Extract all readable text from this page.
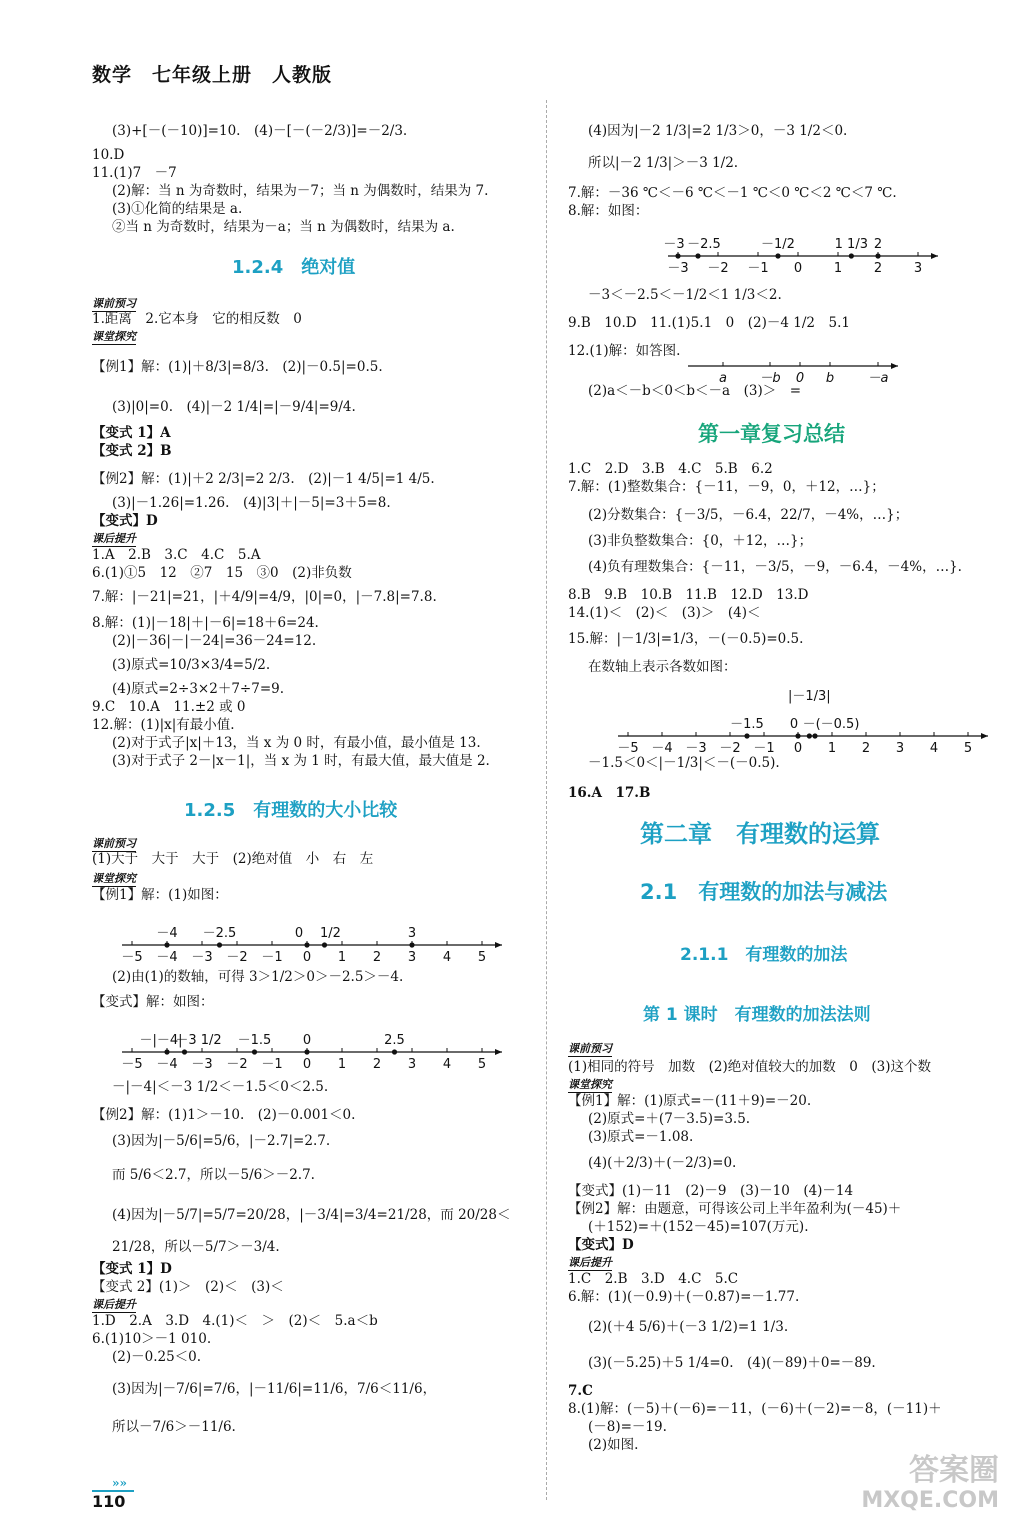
数学　七年级上册　人教版
(3)+[－(－10)]=10.　(4)－[－(－2/3)]=－2/3.
10.D
11.(1)7　－7
(2)解：当 n 为奇数时，结果为－7；当 n 为偶数时，结果为 7.
(3)①化简的结果是 a.
②当 n 为奇数时，结果为－a；当 n 为偶数时，结果为 a.
1.2.4　绝对值
课前预习
1.距离　2.它本身　它的相反数　0
课堂探究
【例1】解：(1)|＋8/3|=8/3.　(2)|－0.5|=0.5.
(3)|0|=0.　(4)|－2 1/4|=|－9/4|=9/4.
【变式 1】A
【变式 2】B
【例2】解：(1)|＋2 2/3|=2 2/3.　(2)|－1 4/5|=1 4/5.
(3)|－1.26|=1.26.　(4)|3|＋|－5|=3＋5=8.
【变式】D
课后提升
1.A　2.B　3.C　4.C　5.A
6.(1)①5　12　②7　15　③0　(2)非负数
7.解：|－21|=21，|＋4/9|=4/9，|0|=0，|－7.8|=7.8.
8.解：(1)|－18|＋|－6|=18＋6=24.
(2)|－36|－|－24|=36－24=12.
(3)原式=10/3×3/4=5/2.
(4)原式=2÷3×2＋7÷7=9.
9.C　10.A　11.±2 或 0
12.解：(1)|x|有最小值.
(2)对于式子|x|＋13，当 x 为 0 时，有最小值，最小值是 13.
(3)对于式子 2－|x－1|，当 x 为 1 时，有最大值，最大值是 2.
1.2.5　有理数的大小比较
课前预习
(1)大于　大于　大于　(2)绝对值　小　右　左
课堂探究
【例1】解：(1)如图：
－5 －4 －3 －2 －1 0 1 2 3 4 5
－4 －2.5	0 1/2	3
(2)由(1)的数轴，可得 3＞1/2＞0＞－2.5＞－4.
【变式】解：如图：
－5 －4 －3 －2 －1 0 1 2 3 4 5
－|－4|
－3 1/2 －1.5 0	2.5
－|－4|＜－3 1/2＜－1.5＜0＜2.5.
【例2】解：(1)1＞－10.　(2)－0.001＜0.
(3)因为|－5/6|=5/6，|－2.7|=2.7.
而 5/6＜2.7，所以－5/6＞－2.7.
(4)因为|－5/7|=5/7=20/28，|－3/4|=3/4=21/28，而 20/28＜
21/28，所以－5/7＞－3/4.
【变式 1】D
【变式 2】(1)＞　(2)＜　(3)＜
课后提升
1.D　2.A　3.D　4.(1)＜　＞　(2)＜　5.a＜b
6.(1)10＞－1 010.
(2)－0.25＜0.
(3)因为|－7/6|=7/6，|－11/6|=11/6，7/6＜11/6，
所以－7/6＞－11/6.
(4)因为|－2 1/3|=2 1/3＞0，－3 1/2＜0.
所以|－2 1/3|＞－3 1/2.
7.解：－36 ℃＜－6 ℃＜－1 ℃＜0 ℃＜2 ℃＜7 ℃.
8.解：如图：
－3 －2 －1 0 1 2 3
－3 －2.5	－1/2	1 1/3 2
－3＜－2.5＜－1/2＜1 1/3＜2.
9.B　10.D　11.(1)5.1　0　(2)－4 1/2　5.1
12.(1)解：如答图.
a －b 0 b	－a
(2)a＜－b＜0＜b＜－a　(3)＞　=
第一章复习总结
1.C　2.D　3.B　4.C　5.B　6.2
7.解：(1)整数集合：{－11，－9，0，＋12，…}；
(2)分数集合：{－3/5，－6.4，22/7，－4%，…}；
(3)非负整数集合：{0，＋12，…}；
(4)负有理数集合：{－11，－3/5，－9，－6.4，－4%，…}.
8.B　9.B　10.B　11.B　12.D　13.D
14.(1)＜　(2)＜　(3)＞　(4)＜
15.解：|－1/3|=1/3，－(－0.5)=0.5.
在数轴上表示各数如图：
－5 －4 －3 －2 －1 0 1 2 3 4 5
－1.5 0
|－1/3|
－(－0.5)
－1.5＜0＜|－1/3|＜－(－0.5).
16.A　17.B
第二章　有理数的运算
2.1　有理数的加法与减法
2.1.1　有理数的加法
第 1 课时　有理数的加法法则
课前预习
(1)相同的符号　加数　(2)绝对值较大的加数　0　(3)这个数
课堂探究
【例1】解：(1)原式=－(11＋9)=－20.
(2)原式=＋(7－3.5)=3.5.
(3)原式=－1.08.
(4)(＋2/3)＋(－2/3)=0.
【变式】(1)－11　(2)－9　(3)－10　(4)－14
【例2】解：由题意，可得该公司上半年盈利为(－45)＋
(＋152)=＋(152－45)=107(万元).
【变式】D
课后提升
1.C　2.B　3.D　4.C　5.C
6.解：(1)(－0.9)＋(－0.87)=－1.77.
(2)(＋4 5/6)＋(－3 1/2)=1 1/3.
(3)(－5.25)＋5 1/4=0.　(4)(－89)＋0=－89.
7.C
8.(1)解：(－5)＋(－6)=－11，(－6)＋(－2)=－8，(－11)＋
(－8)=－19.
(2)如图.
»»
110
答案圈
MXQE.COM
